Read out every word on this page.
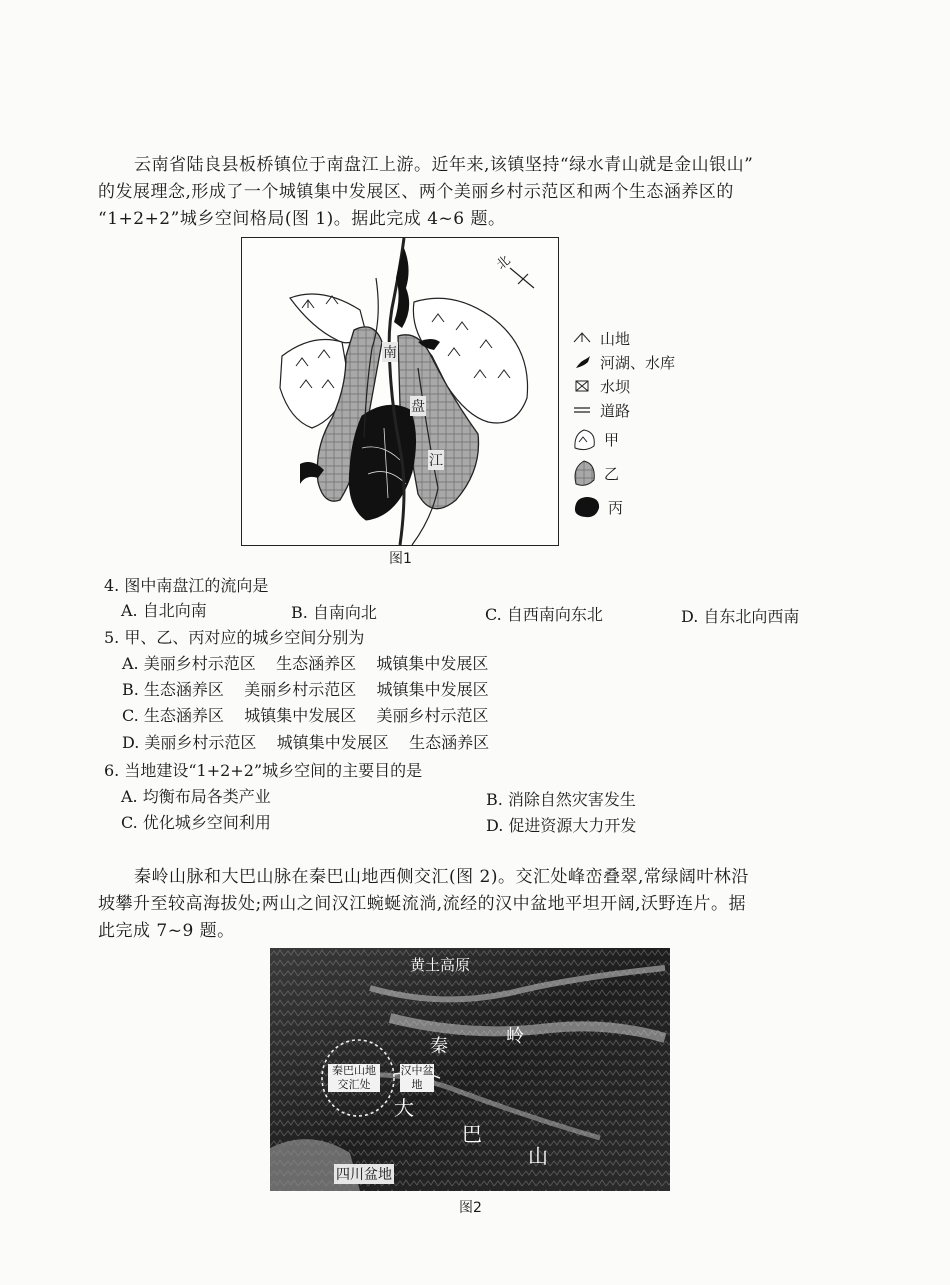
云南省陆良县板桥镇位于南盘江上游。近年来,该镇坚持“绿水青山就是金山银山”
的发展理念,形成了一个城镇集中发展区、两个美丽乡村示范区和两个生态涵养区的
“1+2+2”城乡空间格局(图 1)。据此完成 4~6 题。
北
南
盘
江
图1
山地
河湖、水库
水坝
道路
甲
乙
丙
4. 图中南盘江的流向是
A. 自北向南	B. 自南向北	C. 自西南向东北	D. 自东北向西南
5. 甲、乙、丙对应的城乡空间分别为
A. 美丽乡村示范区    生态涵养区    城镇集中发展区
B. 生态涵养区    美丽乡村示范区    城镇集中发展区
C. 生态涵养区    城镇集中发展区    美丽乡村示范区
D. 美丽乡村示范区    城镇集中发展区    生态涵养区
6. 当地建设“1+2+2”城乡空间的主要目的是
A. 均衡布局各类产业	B. 消除自然灾害发生
C. 优化城乡空间利用	D. 促进资源大力开发
秦岭山脉和大巴山脉在秦巴山地西侧交汇(图 2)。交汇处峰峦叠翠,常绿阔叶林沿
坡攀升至较高海拔处;两山之间汉江蜿蜒流淌,流经的汉中盆地平坦开阔,沃野连片。据
此完成 7~9 题。
黄土高原
秦	岭
秦巴山地交汇处
汉中盆地
大
巴
山
四川盆地
图2
